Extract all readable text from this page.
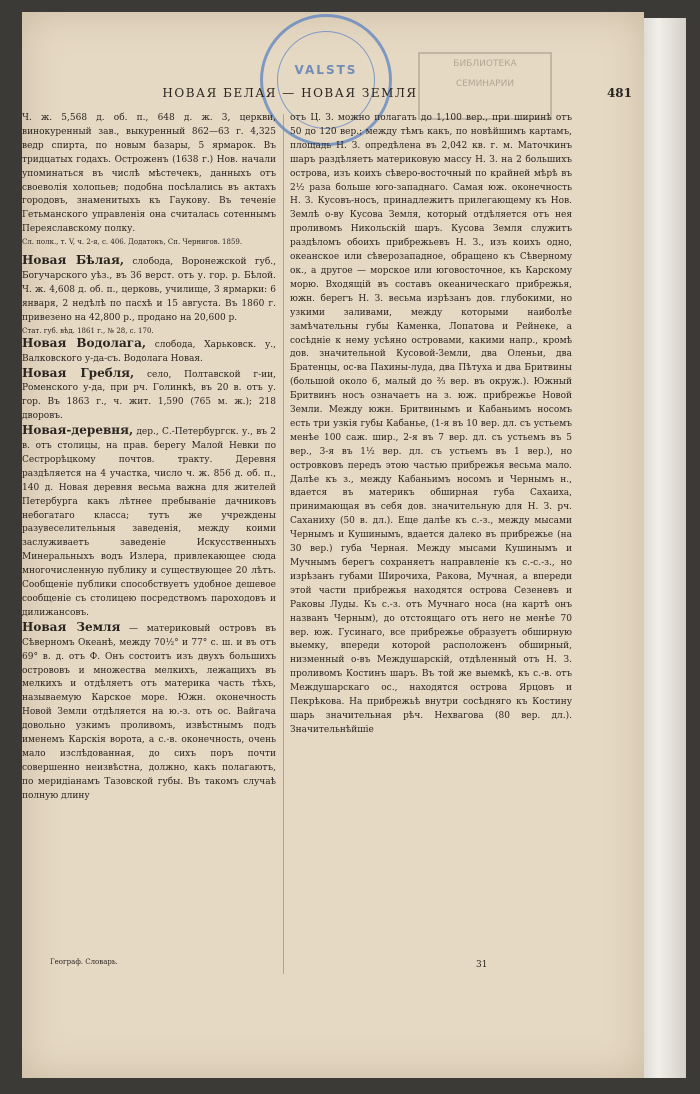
VALSTS	БИБЛИОТЕКА
СЕМИНАРИИ
НОВАЯ БЕЛАЯ — НОВАЯ ЗЕМЛЯ	481

Ч. ж. 5,568 д. об. п., 648 д. ж. 3, церкви, винокуренный зав., выкуренный 862—63 г. 4,325 ведр спирта, по новым базары, 5 ярмарок. Въ тридцатых годахъ. Остроженъ (1638 г.) Нов. начали упоминаться въ числѣ мѣстечекъ, данныхъ отъ своеволія холопьев; подобна посѣлались въ актахъ городовъ, знаменитыхъ къ Гаукову. Въ теченіе Гетьманского управленія она считалась сотеннымъ Переяславскому полку.

Сл. полк., т. V, ч. 2-я, с. 406. Додатокъ, Сп. Чернигов. 1859.

Новая Бѣлая, слобода, Воронежской губ., Богучарского уѣз., въ 36 верст. отъ у. гор. р. Бѣлой. Ч. ж. 4,608 д. об. п., церковь, училище, 3 ярмарки: 6 января, 2 недѣлѣ по пасхѣ и 15 августа. Въ 1860 г. привезено на 42,800 р., продано на 20,600 р.

Стат. губ. вѣд. 1861 г., № 28, с. 170.

Новая Водолага, слобода, Харьковск. у., Валковского у-да-съ. Водолага Новая.

Новая Гребля, село, Полтавской г-ии, Роменского у-да, при рч. Голинкѣ, въ 20 в. отъ у. гор. Въ 1863 г., ч. жит. 1,590 (765 м. ж.); 218 дворовъ.

Новая-деревня, дер., С.-Петербургск. у., въ 2 в. отъ столицы, на прав. берегу Малой Невки по Сестрорѣцкому почтов. тракту. Деревня раздѣляется на 4 участка, число ч. ж. 856 д. об. п., 140 д. Новая деревня весьма важна для жителей Петербурга какъ лѣтнее пребываніе дачниковъ небогатаго класса; тутъ же учреждены разувеселительныя заведенія, между коими заслуживаетъ заведеніе Искусственныхъ Минеральныхъ водъ Излера, привлекающее сюда многочисленную публику и существующее 20 лѣтъ. Сообщеніе публики способствуетъ удобное дешевое сообщеніе съ столицею посредствомъ пароходовъ и дилижансовъ.

Новая Земля — материковый островъ въ Сѣверномъ Океанѣ, между 70½° и 77° с. ш. и въ отъ 69° в. д. отъ Ф. Онъ состоитъ изъ двухъ большихъ острововъ и множества мелкихъ, лежащихъ въ мелкихъ и отдѣляетъ отъ материка часть тѣхъ, называемую Карское море. Южн. оконечность Новой Земли отдѣляется на ю.-з. отъ ос. Вайгача довольно узкимъ проливомъ, извѣстнымъ подъ именемъ Карскія ворота, а с.-в. оконечность, очень мало изслѣдованная, до сихъ поръ почти совершенно неизвѣстна, должно, какъ полагаютъ, по меридіанамъ Тазовской губы. Въ такомъ случаѣ полную длину

отъ Ц. З. можно полагать до 1,100 вер., при ширинѣ отъ 50 до 120 вер.; между тѣмъ какъ, по новѣйшимъ картамъ, площадь Н. З. опредѣлена въ 2,042 кв. г. м. Маточкинъ шаръ раздѣляетъ материковую массу Н. З. на 2 большихъ острова, изъ коихъ сѣверо-восточный по крайней мѣрѣ въ 2½ раза больше юго-западнаго. Самая юж. оконечность Н. З. Кусовъ-носъ, принадлежитъ прилегающему къ Нов. Землѣ о-ву Кусова Земля, который отдѣляется отъ нея проливомъ Никольскій шаръ. Кусова Земля служитъ раздѣломъ обоихъ прибрежьевъ Н. З., изъ коихъ одно, океанское или сѣверозападное, обращено къ Сѣверному ок., а другое — морское или юговосточное, къ Карскому морю. Входящій въ составъ океаническаго прибрежья, южн. берегъ Н. З. весьма изрѣзанъ дов. глубокими, но узкими заливами, между которыми наиболѣе замѣчательны губы Каменка, Лопатова и Рейнеке, а сосѣдніе к нему усѣяно островами, какими напр., кромѣ дов. значительной Кусовой-Земли, два Оленьи, два Братенцы, ос-ва Пахины-луда, два Пѣтуха и два Бритвины (большой около 6, малый до ⅔ вер. въ окруж.). Южный Бритвинъ носъ означаетъ на з. юж. прибрежье Новой Земли. Между южн. Бритвинымъ и Кабаньимъ носомъ есть три узкія губы Кабанье, (1-я въ 10 вер. дл. съ устьемъ менѣе 100 саж. шир., 2-я въ 7 вер. дл. съ устьемъ въ 5 вер., 3-я въ 1½ вер. дл. съ устьемъ въ 1 вер.), но островковъ передъ этою частью прибрежья весьма мало. Далѣе къ з., между Кабаньимъ носомъ и Чернымъ н., вдается въ материкъ обширная губа Сахаиха, принимающая въ себя дов. значительную для Н. З. рч. Саханиху (50 в. дл.). Еще далѣе къ с.-з., между мысами Чернымъ и Кушинымъ, вдается далеко въ прибрежье (на 30 вер.) губа Черная. Между мысами Кушинымъ и Мучнымъ берегъ сохраняетъ направленіе къ с.-с.-з., но изрѣзанъ губами Широчиха, Ракова, Мучная, а впереди этой части прибрежья находятся острова Сезеневъ и Раковы Луды. Къ с.-з. отъ Мучнаго носа (на картѣ онъ названъ Черным), до отстоящаго отъ него не менѣе 70 вер. юж. Гусинаго, все прибрежье образуетъ обширную выемку, впереди которой расположенъ обширный, низменный о-въ Междушарскій, отдѣленный отъ Н. З. проливомъ Костинъ шаръ. Въ той же выемкѣ, къ с.-в. отъ Междушарскаго ос., находятся острова Ярцовъ и Пекрѣкова. На прибрежьѣ внутри сосѣдняго къ Костину шарь значительная рѣч. Нехвагова (80 вер. дл.). Значительнѣйшіе

Географ. Словарь.	31
